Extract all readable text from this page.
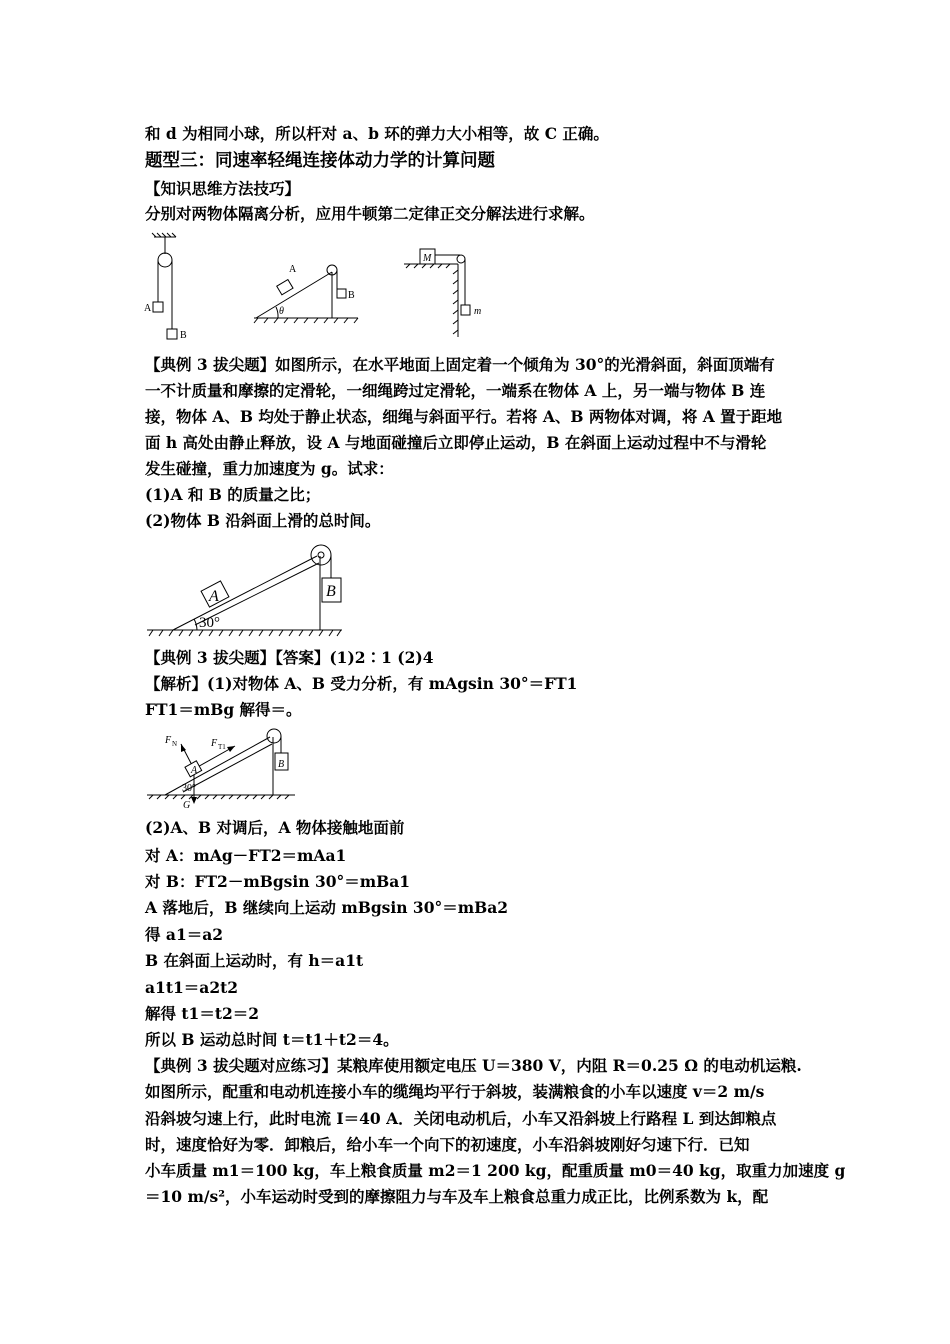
和 d 为相同小球，所以杆对 a、b 环的弹力大小相等，故 C 正确。
题型三：同速率轻绳连接体动力学的计算问题
【知识思维方法技巧】
分别对两物体隔离分析，应用牛顿第二定律正交分解法进行求解。
【典例 3 拔尖题】如图所示，在水平地面上固定着一个倾角为 30°的光滑斜面，斜面顶端有
一不计质量和摩擦的定滑轮，一细绳跨过定滑轮，一端系在物体 A 上，另一端与物体 B 连
接，物体 A、B 均处于静止状态，细绳与斜面平行。若将 A、B 两物体对调，将 A 置于距地
面 h 高处由静止释放，设 A 与地面碰撞后立即停止运动，B 在斜面上运动过程中不与滑轮
发生碰撞，重力加速度为 g。试求：
(1)A 和 B 的质量之比；
(2)物体 B 沿斜面上滑的总时间。
【典例 3 拔尖题】【答案】(1)2∶1 (2)4
【解析】(1)对物体 A、B 受力分析，有 mAgsin 30°＝FT1
FT1＝mBg 解得＝。
(2)A、B 对调后，A 物体接触地面前
对 A：mAg－FT2＝mAa1
对 B：FT2－mBgsin 30°＝mBa1
A 落地后，B 继续向上运动 mBgsin 30°＝mBa2
得 a1＝a2
B 在斜面上运动时，有 h＝a1t
a1t1＝a2t2
解得 t1＝t2＝2
所以 B 运动总时间 t＝t1＋t2＝4。
【典例 3 拔尖题对应练习】某粮库使用额定电压 U＝380 V，内阻 R＝0.25 Ω 的电动机运粮.
如图所示，配重和电动机连接小车的缆绳均平行于斜坡，装满粮食的小车以速度 v＝2 m/s
沿斜坡匀速上行，此时电流 I＝40 A．关闭电动机后，小车又沿斜坡上行路程 L 到达卸粮点
时，速度恰好为零．卸粮后，给小车一个向下的初速度，小车沿斜坡刚好匀速下行．已知
小车质量 m1＝100 kg，车上粮食质量 m2＝1 200 kg，配重质量 m0＝40 kg，取重力加速度 g
＝10 m/s²，小车运动时受到的摩擦阻力与车及车上粮食总重力成正比，比例系数为 k，配
A
B
A
B
θ
M
m
A	B
30°
A
B
30°
G
F N	F T1
